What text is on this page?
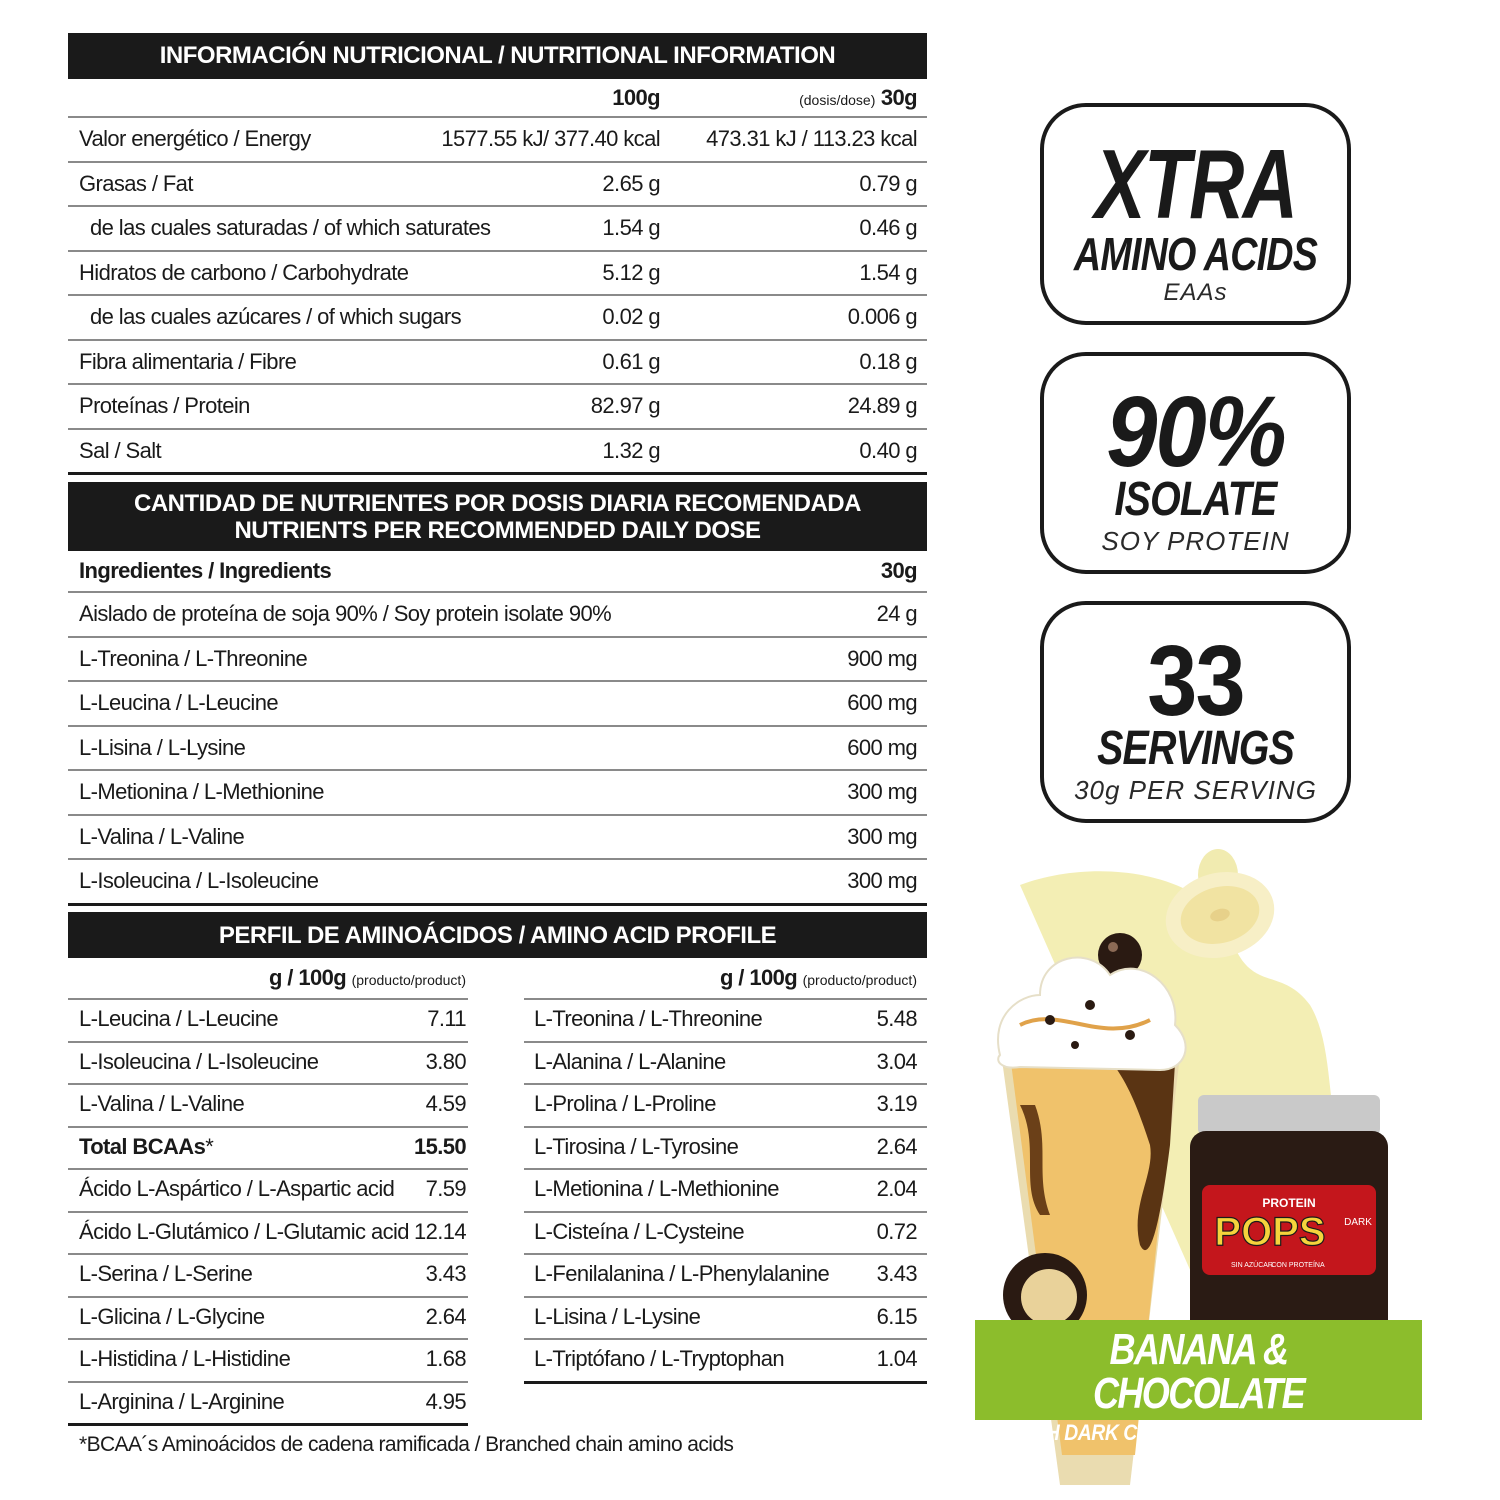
INFORMACIÓN NUTRICIONAL / NUTRITIONAL INFORMATION
100g	(dosis/dose) 30g
Valor energético / Energy	1577.55 kJ/ 377.40 kcal 473.31 kJ / 113.23 kcal
Grasas / Fat	2.65 g	0.79 g
de las cuales saturadas / of which saturates	1.54 g	0.46 g
Hidratos de carbono / Carbohydrate	5.12 g	1.54 g
de las cuales azúcares / of which sugars	0.02 g	0.006 g
Fibra alimentaria / Fibre	0.61 g	0.18 g
Proteínas / Protein	82.97 g	24.89 g
Sal / Salt	1.32 g	0.40 g
CANTIDAD DE NUTRIENTES POR DOSIS DIARIA RECOMENDADA
NUTRIENTS PER RECOMMENDED DAILY DOSE
Ingredientes / Ingredients	30g
Aislado de proteína de soja 90% / Soy protein isolate 90%	24 g
L-Treonina / L-Threonine	900 mg
L-Leucina / L-Leucine	600 mg
L-Lisina / L-Lysine	600 mg
L-Metionina / L-Methionine	300 mg
L-Valina / L-Valine	300 mg
L-Isoleucina / L-Isoleucine	300 mg
PERFIL DE AMINOÁCIDOS / AMINO ACID PROFILE
g / 100g (producto/product)	g / 100g (producto/product)
L-Leucina / L-Leucine	7.11	L-Treonina / L-Threonine	5.48
L-Isoleucina / L-Isoleucine	3.80	L-Alanina / L-Alanine	3.04
L-Valina / L-Valine	4.59	L-Prolina / L-Proline	3.19
Total BCAAs*	15.50	L-Tirosina / L-Tyrosine	2.64
Ácido L-Aspártico / L-Aspartic acid 7.59	L-Metionina / L-Methionine	2.04
Ácido L-Glutámico / L-Glutamic acid 12.14	L-Cisteína / L-Cysteine	0.72
L-Serina / L-Serine	3.43	L-Fenilalanina / L-Phenylalanine 3.43
L-Glicina / L-Glycine	2.64	L-Lisina / L-Lysine	6.15
L-Histidina / L-Histidine	1.68	L-Triptófano / L-Tryptophan	1.04
L-Arginina / L-Arginine	4.95
*BCAA´s Aminoácidos de cadena ramificada / Branched chain amino acids
XTRA
AMINO ACIDS
EAAs
90%
ISOLATE
SOY PROTEIN
33
SERVINGS
30g PER SERVING
PROTEIN
POPS DARK
SIN AZÚCAR
CON PROTEÍNA
BANANA & CHOCOLATE
WITH DARK CHOCOLATE PROTEIN POPS
